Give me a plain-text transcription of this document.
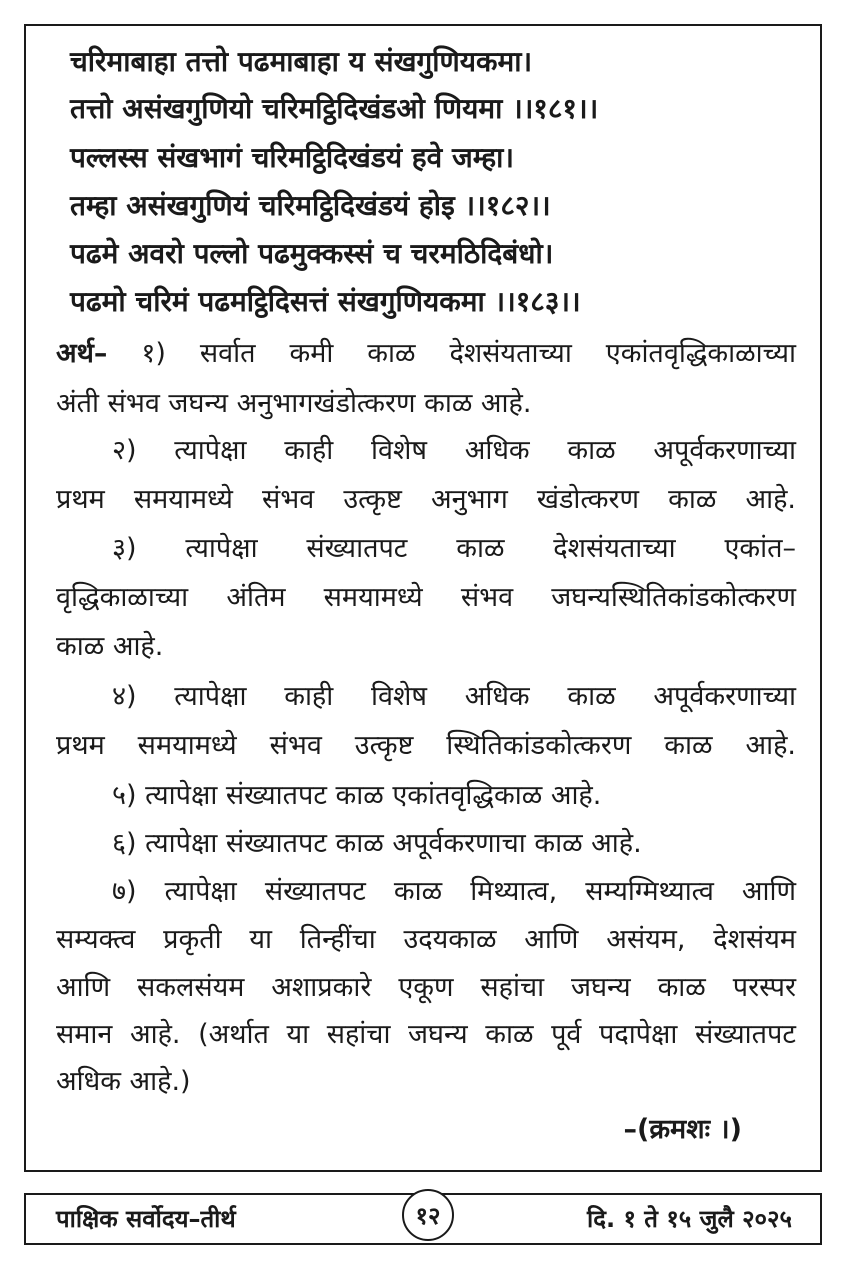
चरिमाबाहा तत्तो पढमाबाहा य संखगुणियकमा।
तत्तो असंखगुणियो चरिमट्ठिदिखंडओ णियमा ।।१८१।।
पल्लस्स संखभागं चरिमट्ठिदिखंडयं हवे जम्हा।
तम्हा असंखगुणियं चरिमट्ठिदिखंडयं होइ ।।१८२।।
पढमे अवरो पल्लो पढमुक्कस्सं च चरमठिदिबंधो।
पढमो चरिमं पढमट्ठिदिसत्तं संखगुणियकमा ।।१८३।।
अर्थ– १) सर्वात कमी काळ देशसंयताच्या एकांतवृद्धिकाळाच्या
अंती संभव जघन्य अनुभागखंडोत्करण काळ आहे.
२) त्यापेक्षा काही विशेष अधिक काळ अपूर्वकरणाच्या
प्रथम समयामध्ये संभव उत्कृष्ट अनुभाग खंडोत्करण काळ आहे.
३) त्यापेक्षा संख्यातपट काळ देशसंयताच्या एकांत–
वृद्धिकाळाच्या अंतिम समयामध्ये संभव जघन्यस्थितिकांडकोत्करण
काळ आहे.
४) त्यापेक्षा काही विशेष अधिक काळ अपूर्वकरणाच्या
प्रथम समयामध्ये संभव उत्कृष्ट स्थितिकांडकोत्करण काळ आहे.
५) त्यापेक्षा संख्यातपट काळ एकांतवृद्धिकाळ आहे.
६) त्यापेक्षा संख्यातपट काळ अपूर्वकरणाचा काळ आहे.
७) त्यापेक्षा संख्यातपट काळ मिथ्यात्व, सम्यग्मिथ्यात्व आणि
सम्यक्त्व प्रकृती या तिन्हींचा उदयकाळ आणि असंयम, देशसंयम
आणि सकलसंयम अशाप्रकारे एकूण सहांचा जघन्य काळ परस्पर
समान आहे. (अर्थात या सहांचा जघन्य काळ पूर्व पदापेक्षा संख्यातपट
अधिक आहे.)
–(क्रमशः ।)
पाक्षिक सर्वोदय–तीर्थ	१२	दि. १ ते १५ जुलै २०२५
